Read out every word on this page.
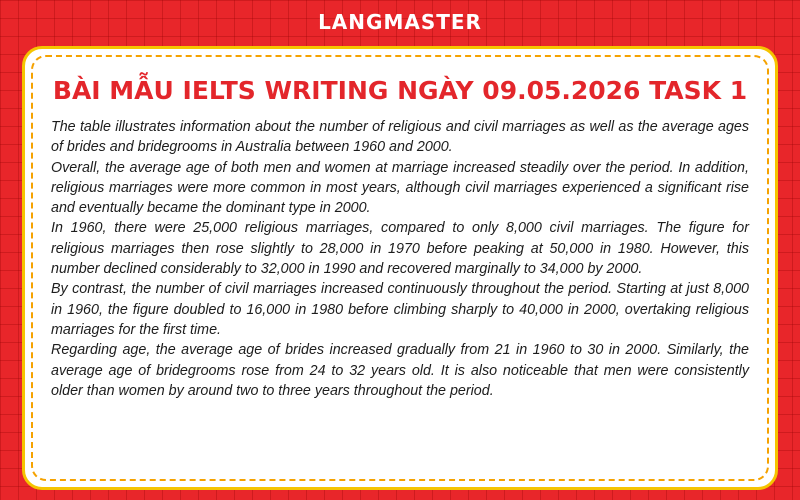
LANGMASTER
BÀI MẪU IELTS WRITING NGÀY 09.05.2026 TASK 1

The table illustrates information about the number of religious and civil marriages as well as the average ages of brides and bridegrooms in Australia between 1960 and 2000.

Overall, the average age of both men and women at marriage increased steadily over the period. In addition, religious marriages were more common in most years, although civil marriages experienced a significant rise and eventually became the dominant type in 2000.

In 1960, there were 25,000 religious marriages, compared to only 8,000 civil marriages. The figure for religious marriages then rose slightly to 28,000 in 1970 before peaking at 50,000 in 1980. However, this number declined considerably to 32,000 in 1990 and recovered marginally to 34,000 by 2000.

By contrast, the number of civil marriages increased continuously throughout the period. Starting at just 8,000 in 1960, the figure doubled to 16,000 in 1980 before climbing sharply to 40,000 in 2000, overtaking religious marriages for the first time.

Regarding age, the average age of brides increased gradually from 21 in 1960 to 30 in 2000. Similarly, the average age of bridegrooms rose from 24 to 32 years old. It is also noticeable that men were consistently older than women by around two to three years throughout the period.
